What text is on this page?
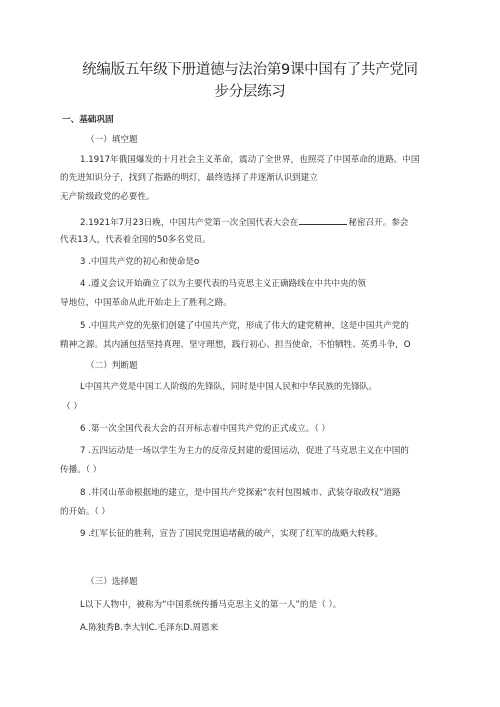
统编版五年级下册道德与法治第9课中国有了共产党同
步分层练习
一、基础巩固
（一）填空题
1.1917年俄国爆发的十月社会主义革命，震动了全世界，也照亮了中国革命的道路。中国
的先进知识分子，找到了指路的明灯，最终选择了并逐渐认识到建立
无产阶级政党的必要性。
2.1921年7月23日晚，中国共产党第一次全国代表大会在	秘密召开。参会
代表13人，代表着全国的50多名党员。
3 .中国共产党的初心和使命是o
4 .遵义会议开始确立了以为主要代表的马克思主义正确路线在中共中央的领
导地位，中国革命从此开始走上了胜利之路。
5 .中国共产党的先驱们创建了中国共产党，形成了伟大的建党精神，这是中国共产党的
精神之源。其内涵包括坚持真理、坚守理想，践行初心、担当使命，不怕牺牲、英勇斗争，O
（二）判断题
L中国共产党是中国工人阶级的先锋队，同时是中国人民和中华民族的先锋队。
（ ）
6 .第一次全国代表大会的召开标志着中国共产党的正式成立。（ ）
7 .五四运动是一场以学生为主力的反帝反封建的爱国运动，促进了马克思主义在中国的
传播。（ ）
8 .井冈山革命根据地的建立，是中国共产党探索“农村包围城市、武装夺取政权”道路
的开始。（ ）
9 .红军长征的胜利，宣告了国民党围追堵截的破产，实现了红军的战略大转移。
（三）选择题
L以下人物中，被称为“中国系统传播马克思主义的第一人”的是（ ）。
A.陈独秀B.李大钊C.毛泽东D.周恩来
